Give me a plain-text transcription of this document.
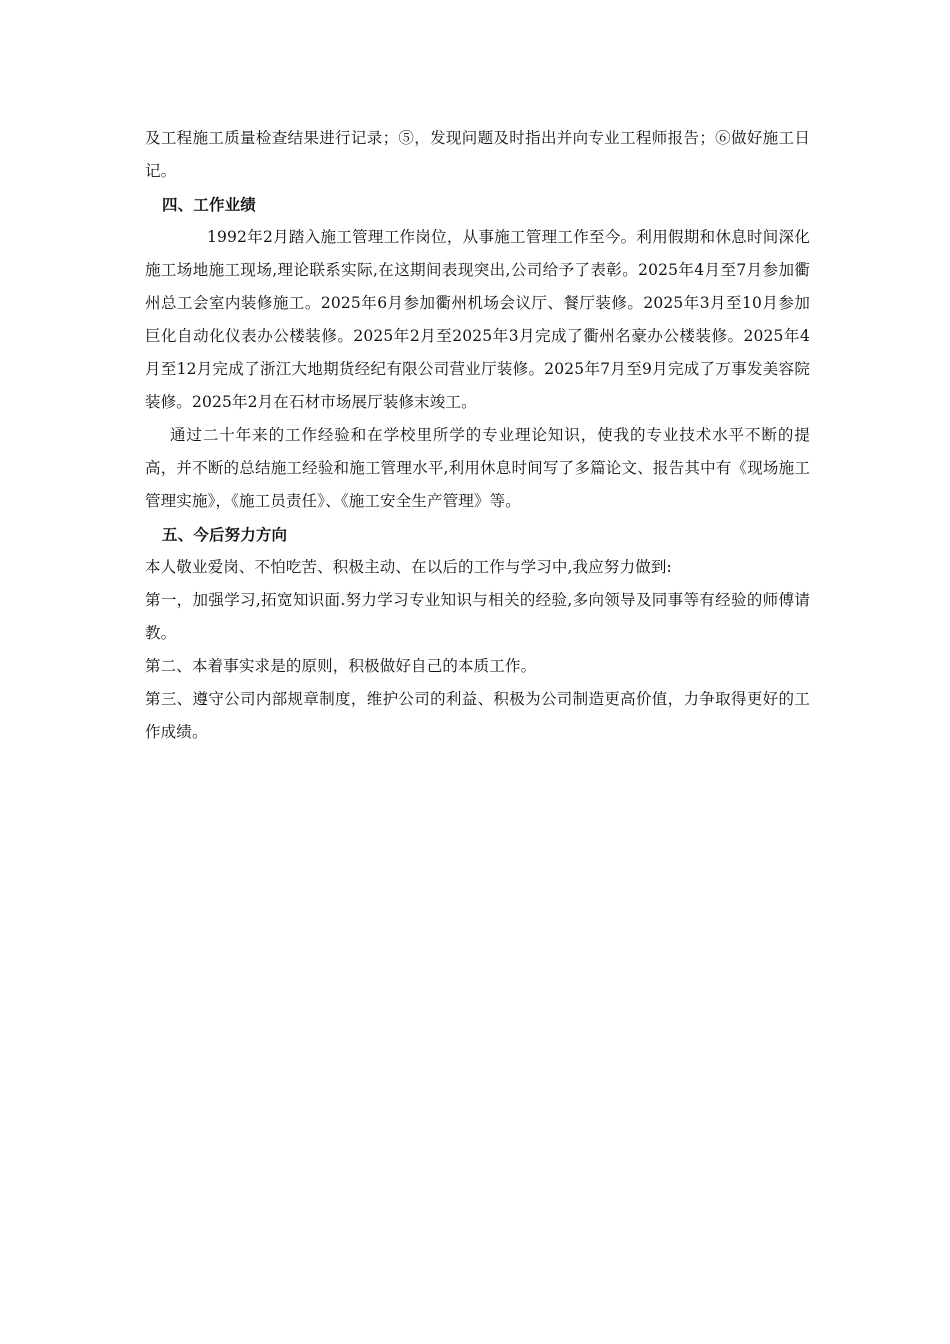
及工程施工质量检查结果进行记录；⑤，发现问题及时指出并向专业工程师报告；⑥做好施工日记。

四、工作业绩

1992年2月踏入施工管理工作岗位，从事施工管理工作至今。利用假期和休息时间深化施工场地施工现场,理论联系实际,在这期间表现突出,公司给予了表彰。2025年4月至7月参加衢州总工会室内装修施工。2025年6月参加衢州机场会议厅、餐厅装修。2025年3月至10月参加巨化自动化仪表办公楼装修。2025年2月至2025年3月完成了衢州名豪办公楼装修。2025年4月至12月完成了浙江大地期货经纪有限公司营业厅装修。2025年7月至9月完成了万事发美容院装修。2025年2月在石材市场展厅装修末竣工。

通过二十年来的工作经验和在学校里所学的专业理论知识，使我的专业技术水平不断的提高，并不断的总结施工经验和施工管理水平,利用休息时间写了多篇论文、报告其中有《现场施工管理实施》，《施工员责任》、《施工安全生产管理》等。

五、今后努力方向

本人敬业爱岗、不怕吃苦、积极主动、在以后的工作与学习中,我应努力做到:

第一，加强学习,拓宽知识面.努力学习专业知识与相关的经验,多向领导及同事等有经验的师傅请教。

第二、本着事实求是的原则，积极做好自己的本质工作。

第三、遵守公司内部规章制度，维护公司的利益、积极为公司制造更高价值，力争取得更好的工作成绩。
